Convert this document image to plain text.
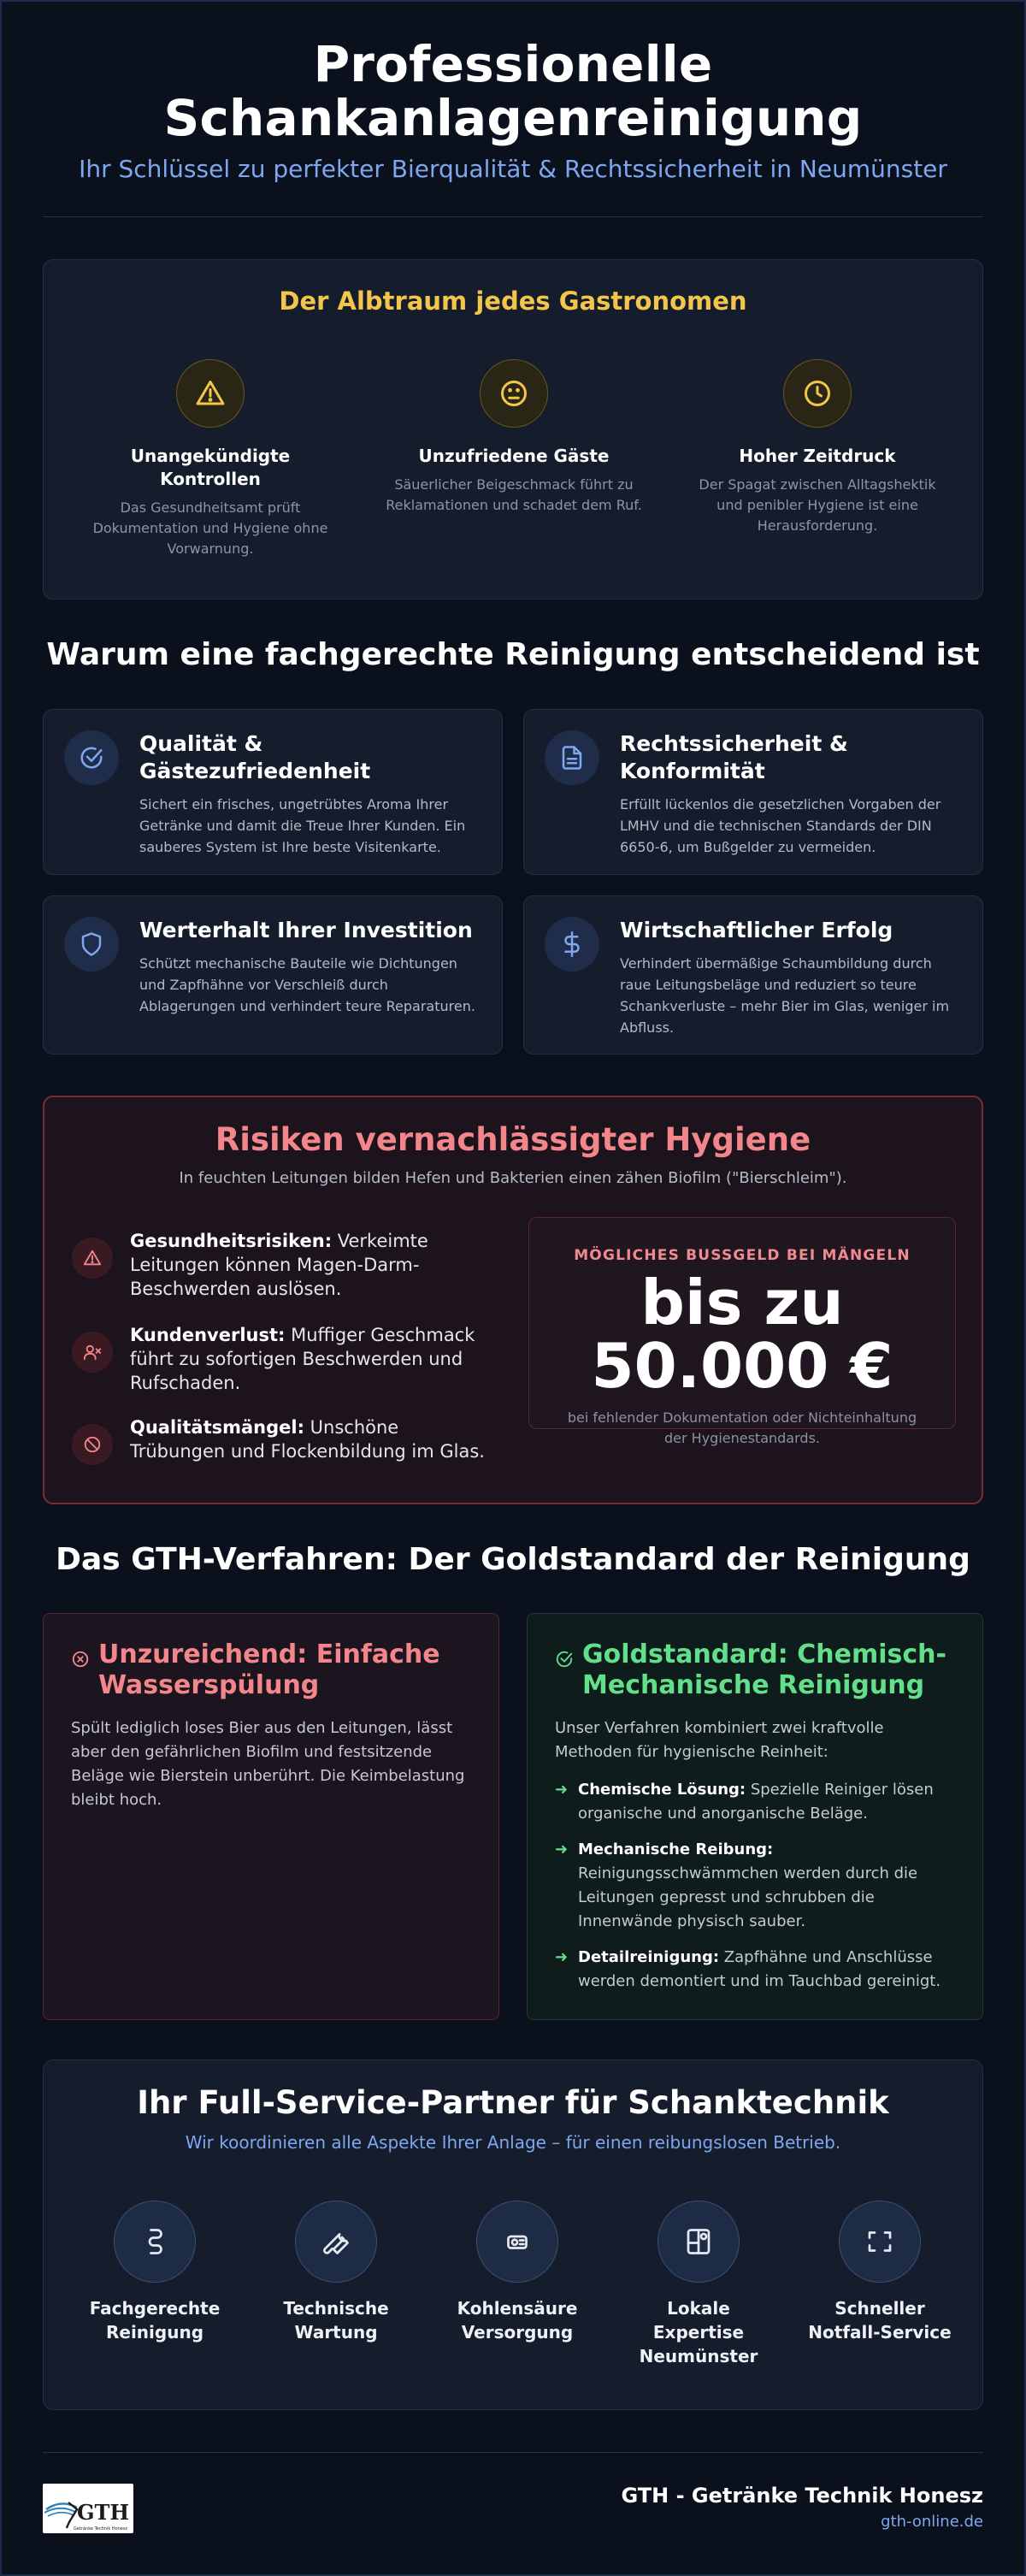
Professionelle
Schankanlagenreinigung
Ihr Schlüssel zu perfekter Bierqualität & Rechtssicherheit in Neumünster
Der Albtraum jedes Gastronomen
Unangekündigte Kontrollen

Das Gesundheitsamt prüft Dokumentation und Hygiene ohne Vorwarnung.

Unzufriedene Gäste

Säuerlicher Beigeschmack führt zu Reklamationen und schadet dem Ruf.

Hoher Zeitdruck

Der Spagat zwischen Alltagshektik und penibler Hygiene ist eine Herausforderung.

Warum eine fachgerechte Reinigung entscheidend ist
Qualität & Gästezufriedenheit

Sichert ein frisches, ungetrübtes Aroma Ihrer Getränke und damit die Treue Ihrer Kunden. Ein sauberes System ist Ihre beste Visitenkarte.

Rechtssicherheit & Konformität

Erfüllt lückenlos die gesetzlichen Vorgaben der LMHV und die technischen Standards der DIN 6650-6, um Bußgelder zu vermeiden.

Werterhalt Ihrer Investition

Schützt mechanische Bauteile wie Dichtungen und Zapfhähne vor Verschleiß durch Ablagerungen und verhindert teure Reparaturen.

Wirtschaftlicher Erfolg

Verhindert übermäßige Schaumbildung durch raue Leitungsbeläge und reduziert so teure Schankverluste – mehr Bier im Glas, weniger im Abfluss.

Risiken vernachlässigter Hygiene

In feuchten Leitungen bilden Hefen und Bakterien einen zähen Biofilm ("Bierschleim").

Gesundheitsrisiken: Verkeimte Leitungen können Magen-Darm-Beschwerden auslösen.
Kundenverlust: Muffiger Geschmack führt zu sofortigen Beschwerden und Rufschaden.
Qualitätsmängel: Unschöne Trübungen und Flockenbildung im Glas.
MÖGLICHES BUSSGELD BEI MÄNGELN
bis zu
50.000 €
bei fehlender Dokumentation oder Nichteinhaltung der Hygienestandards.
Das GTH-Verfahren: Der Goldstandard der Reinigung
Unzureichend: Einfache Wasserspülung
Spült lediglich loses Bier aus den Leitungen, lässt aber den gefährlichen Biofilm und festsitzende Beläge wie Bierstein unberührt. Die Keimbelastung bleibt hoch.
Goldstandard: Chemisch-Mechanische Reinigung

Unser Verfahren kombiniert zwei kraftvolle Methoden für hygienische Reinheit:

➜ Chemische Lösung: Spezielle Reiniger lösen organische und anorganische Beläge.
➜ Mechanische Reibung: Reinigungsschwämmchen werden durch die Leitungen gepresst und schrubben die Innenwände physisch sauber.
➜ Detailreinigung: Zapfhähne und Anschlüsse werden demontiert und im Tauchbad gereinigt.
Ihr Full-Service-Partner für Schanktechnik

Wir koordinieren alle Aspekte Ihrer Anlage – für einen reibungslosen Betrieb.

Fachgerechte Reinigung

Technische Wartung

Kohlensäure Versorgung

Lokale Expertise Neumünster

Schneller Notfall-Service

GTH
Getränke Technik Honesz
GTH - Getränke Technik Honesz
gth-online.de
